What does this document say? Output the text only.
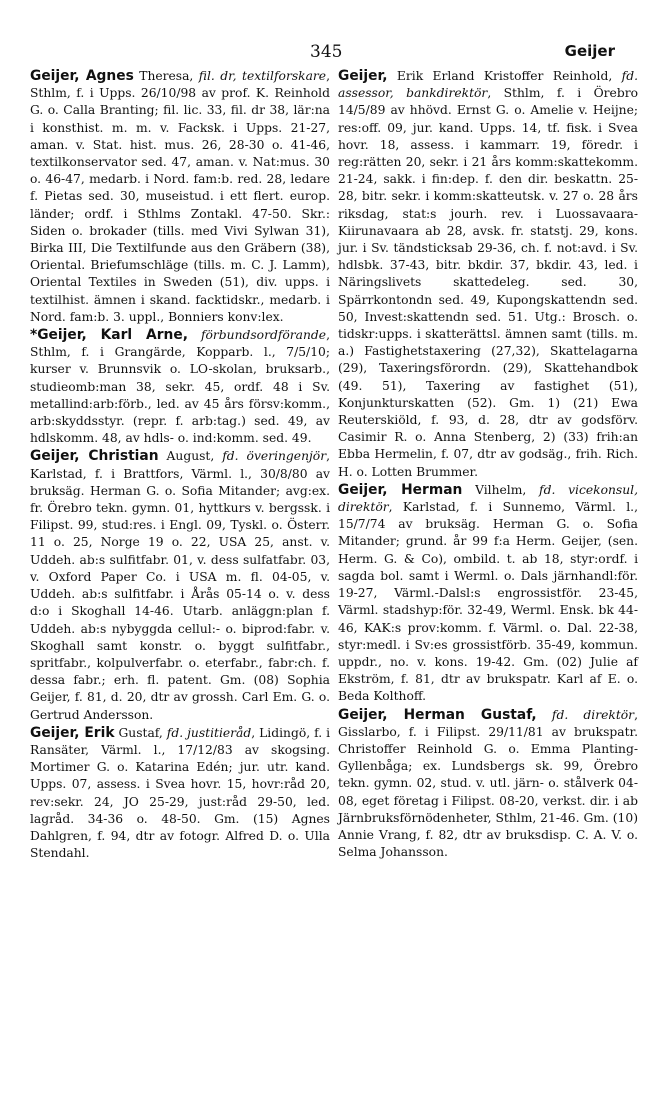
345	Geijer

Geijer, Agnes Theresa, fil. dr, textilforskare, Sthlm, f. i Upps. 26/10/98 av prof. K. Reinhold G. o. Calla Branting; fil. lic. 33, fil. dr 38, lär:na i konsthist. m. m. v. Facksk. i Upps. 21-27, aman. v. Stat. hist. mus. 26, 28-30 o. 41-46, textilkonservator sed. 47, aman. v. Nat:mus. 30 o. 46-47, medarb. i Nord. fam:b. red. 28, ledare f. Pietas sed. 30, museistud. i ett flert. europ. länder; ordf. i Sthlms Zontakl. 47-50. Skr.: Siden o. brokader (tills. med Vivi Sylwan 31), Birka III, Die Textilfunde aus den Gräbern (38), Oriental. Briefumschläge (tills. m. C. J. Lamm), Oriental Textiles in Sweden (51), div. upps. i textilhist. ämnen i skand. facktidskr., medarb. i Nord. fam:b. 3. uppl., Bonniers konv:lex.

*Geijer, Karl Arne, förbundsordförande, Sthlm, f. i Grangärde, Kopparb. l., 7/5/10; kurser v. Brunnsvik o. LO-skolan, bruksarb., studieomb:man 38, sekr. 45, ordf. 48 i Sv. metallind:arb:förb., led. av 45 års försv:komm., arb:skyddsstyr. (repr. f. arb:tag.) sed. 49, av hdlskomm. 48, av hdls- o. ind:komm. sed. 49.

Geijer, Christian August, fd. överingenjör, Karlstad, f. i Brattfors, Värml. l., 30/8/80 av bruksäg. Herman G. o. Sofia Mitander; avg:ex. fr. Örebro tekn. gymn. 01, hyttkurs v. bergssk. i Filipst. 99, stud:res. i Engl. 09, Tyskl. o. Österr. 11 o. 25, Norge 19 o. 22, USA 25, anst. v. Uddeh. ab:s sulfitfabr. 01, v. dess sulfatfabr. 03, v. Oxford Paper Co. i USA m. fl. 04-05, v. Uddeh. ab:s sulfitfabr. i Årås 05-14 o. v. dess d:o i Skoghall 14-46. Utarb. anläggn:plan f. Uddeh. ab:s nybyggda cellul:- o. biprod:fabr. v. Skoghall samt konstr. o. byggt sulfitfabr., spritfabr., kolpulverfabr. o. eterfabr., fabr:ch. f. dessa fabr.; erh. fl. patent. Gm. (08) Sophia Geijer, f. 81, d. 20, dtr av grossh. Carl Em. G. o. Gertrud Andersson.

Geijer, Erik Gustaf, fd. justitieråd, Lidingö, f. i Ransäter, Värml. l., 17/12/83 av skogsing. Mortimer G. o. Katarina Edén; jur. utr. kand. Upps. 07, assess. i Svea hovr. 15, hovr:råd 20, rev:sekr. 24, JO 25-29, just:råd 29-50, led. lagråd. 34-36 o. 48-50. Gm. (15) Agnes Dahlgren, f. 94, dtr av fotogr. Alfred D. o. Ulla Stendahl.

Geijer, Erik Erland Kristoffer Reinhold, fd. assessor, bankdirektör, Sthlm, f. i Örebro 14/5/89 av hhövd. Ernst G. o. Amelie v. Heijne; res:off. 09, jur. kand. Upps. 14, tf. fisk. i Svea hovr. 18, assess. i kammarr. 19, föredr. i reg:rätten 20, sekr. i 21 års komm:skattekomm. 21-24, sakk. i fin:dep. f. den dir. beskattn. 25-28, bitr. sekr. i komm:skatteutsk. v. 27 o. 28 års riksdag, stat:s jourh. rev. i Luossavaara-Kiirunavaara ab 28, avsk. fr. statstj. 29, kons. jur. i Sv. tändsticksab 29-36, ch. f. not:avd. i Sv. hdlsbk. 37-43, bitr. bkdir. 37, bkdir. 43, led. i Näringslivets skattedeleg. sed. 30, Spärrkontondn sed. 49, Kupongskattendn sed. 50, Invest:skattendn sed. 51. Utg.: Brosch. o. tidskr:upps. i skatterättsl. ämnen samt (tills. m. a.) Fastighetstaxering (27,32), Skattelagarna (29), Taxeringsförordn. (29), Skattehandbok (49. 51), Taxering av fastighet (51), Konjunkturskatten (52). Gm. 1) (21) Ewa Reuterskiöld, f. 93, d. 28, dtr av godsförv. Casimir R. o. Anna Stenberg, 2) (33) frih:an Ebba Hermelin, f. 07, dtr av godsäg., frih. Rich. H. o. Lotten Brummer.

Geijer, Herman Vilhelm, fd. vicekonsul, direktör, Karlstad, f. i Sunnemo, Värml. l., 15/7/74 av bruksäg. Herman G. o. Sofia Mitander; grund. år 99 f:a Herm. Geijer, (sen. Herm. G. & Co), ombild. t. ab 18, styr:ordf. i sagda bol. samt i Werml. o. Dals järnhandl:för. 19-27, Värml.-Dalsl:s engrossistför. 23-45, Värml. stadshyp:för. 32-49, Werml. Ensk. bk 44-46, KAK:s prov:komm. f. Värml. o. Dal. 22-38, styr:medl. i Sv:es grossistförb. 35-49, kommun. uppdr., no. v. kons. 19-42. Gm. (02) Julie af Ekström, f. 81, dtr av brukspatr. Karl af E. o. Beda Kolthoff.

Geijer, Herman Gustaf, fd. direktör, Gisslarbo, f. i Filipst. 29/11/81 av brukspatr. Christoffer Reinhold G. o. Emma Planting-Gyllenbåga; ex. Lundsbergs sk. 99, Örebro tekn. gymn. 02, stud. v. utl. järn- o. stålverk 04-08, eget företag i Filipst. 08-20, verkst. dir. i ab Järnbruksförnödenheter, Sthlm, 21-46. Gm. (10) Annie Vrang, f. 82, dtr av bruksdisp. C. A. V. o. Selma Johansson.
